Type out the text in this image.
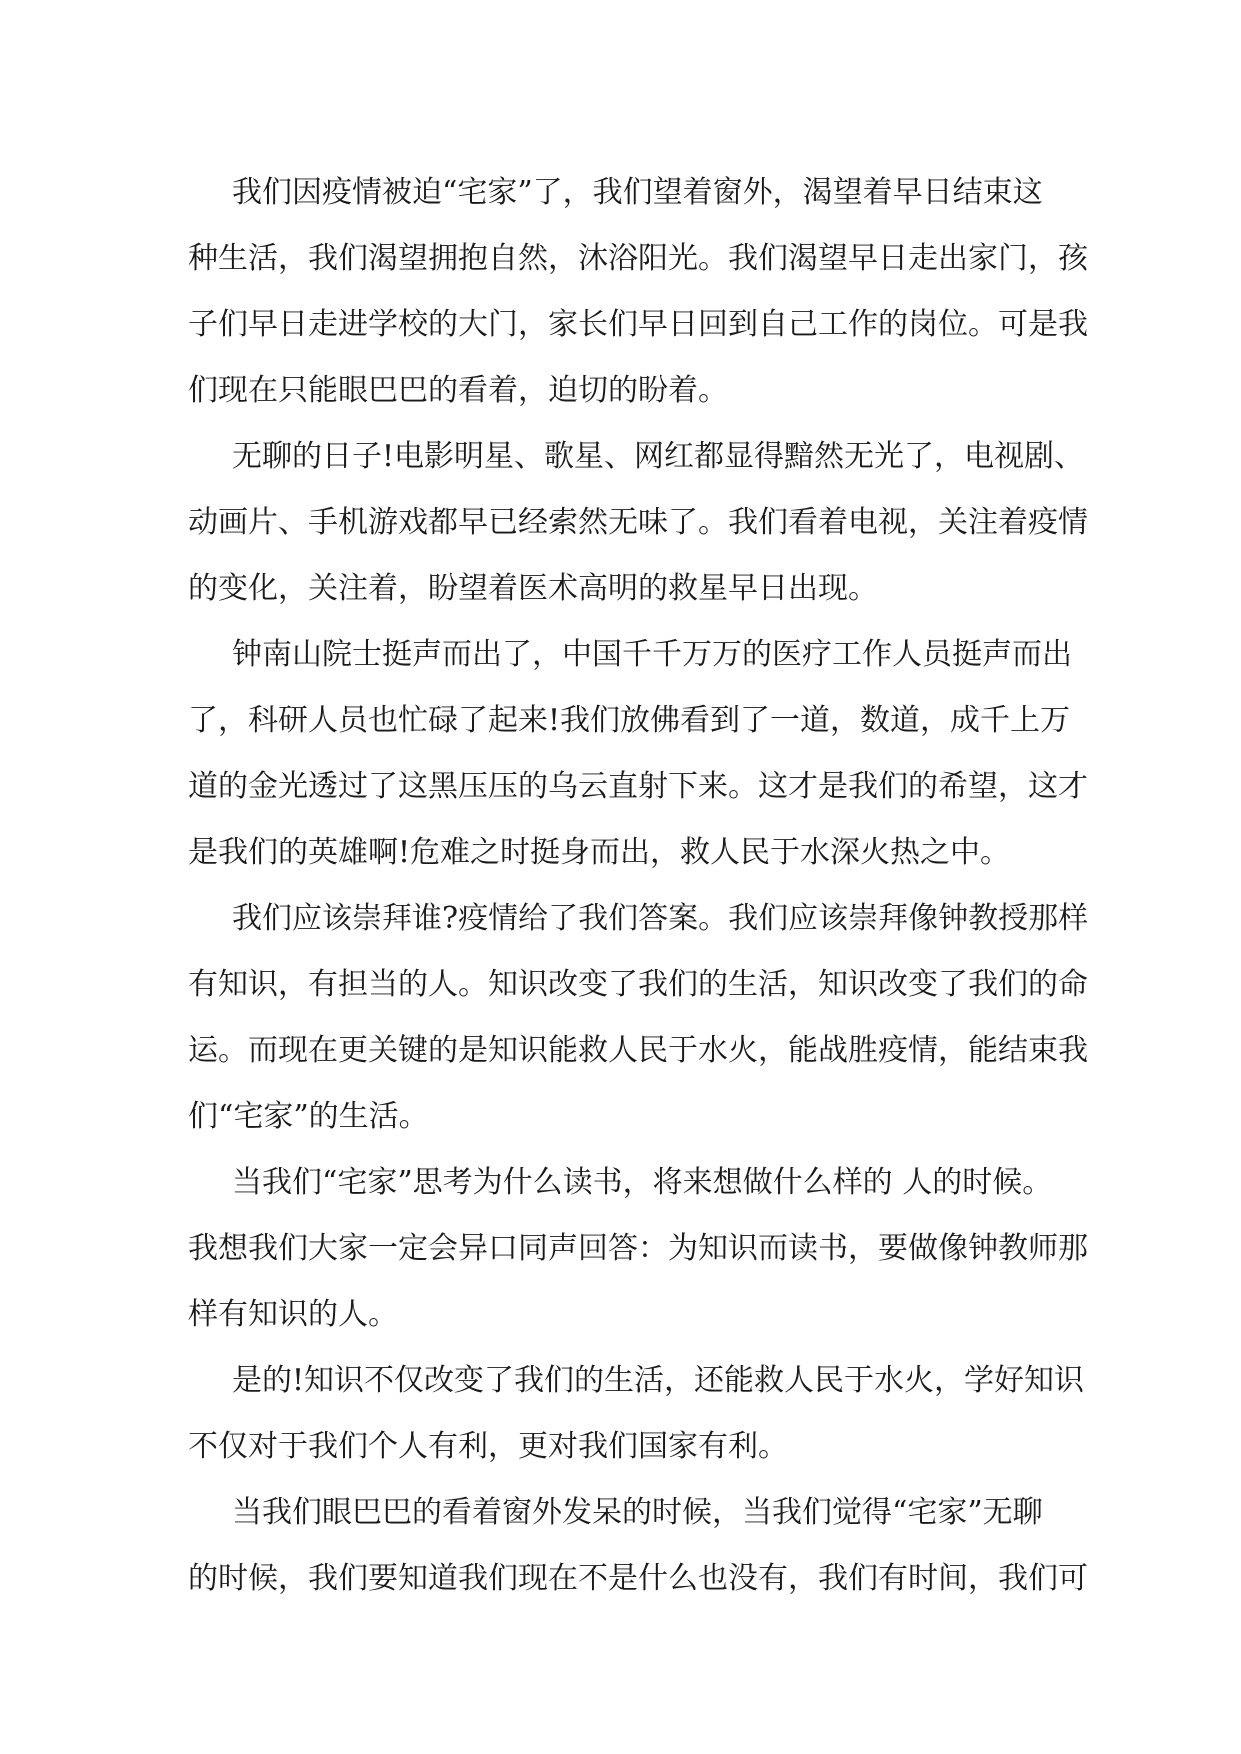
我们因疫情被迫“宅家”了，我们望着窗外，渴望着早日结束这
种生活，我们渴望拥抱自然，沐浴阳光。我们渴望早日走出家门，孩
子们早日走进学校的大门，家长们早日回到自己工作的岗位。可是我
们现在只能眼巴巴的看着，迫切的盼着。
无聊的日子!电影明星、歌星、网红都显得黯然无光了，电视剧、
动画片、手机游戏都早已经索然无味了。我们看着电视，关注着疫情
的变化，关注着，盼望着医术高明的救星早日出现。
钟南山院士挺声而出了，中国千千万万的医疗工作人员挺声而出
了，科研人员也忙碌了起来!我们放佛看到了一道，数道，成千上万
道的金光透过了这黑压压的乌云直射下来。这才是我们的希望，这才
是我们的英雄啊!危难之时挺身而出，救人民于水深火热之中。
我们应该崇拜谁?疫情给了我们答案。我们应该崇拜像钟教授那样
有知识，有担当的人。知识改变了我们的生活，知识改变了我们的命
运。而现在更关键的是知识能救人民于水火，能战胜疫情，能结束我
们“宅家”的生活。
当我们“宅家”思考为什么读书，将来想做什么样的 人的时候。
我想我们大家一定会异口同声回答：为知识而读书，要做像钟教师那
样有知识的人。
是的!知识不仅改变了我们的生活，还能救人民于水火，学好知识
不仅对于我们个人有利，更对我们国家有利。
当我们眼巴巴的看着窗外发呆的时候，当我们觉得“宅家”无聊
的时候，我们要知道我们现在不是什么也没有，我们有时间，我们可
